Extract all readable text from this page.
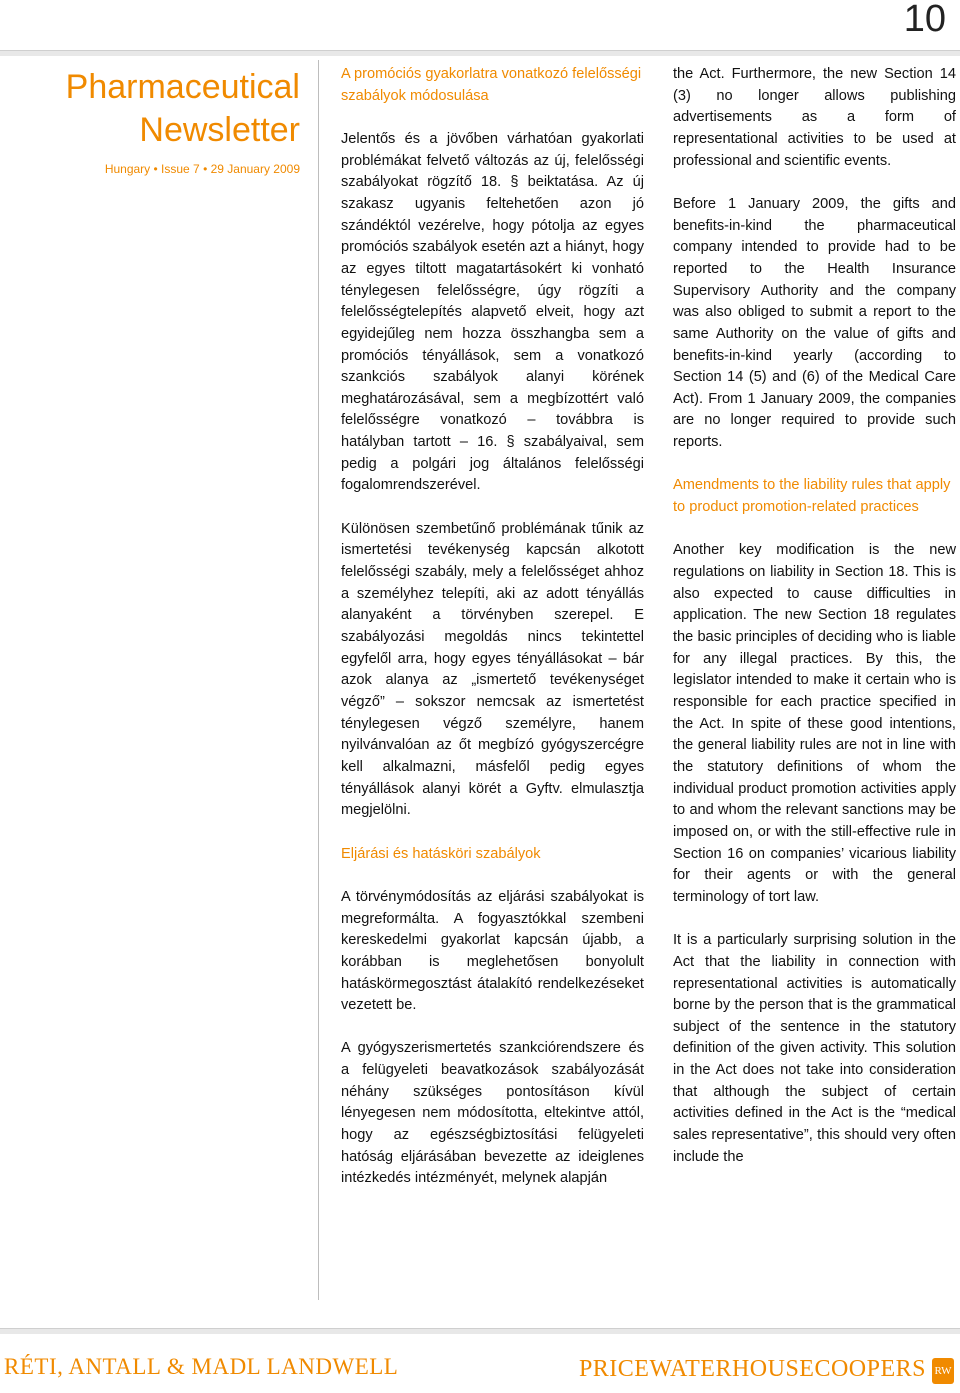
10
Pharmaceutical
Newsletter
Hungary • Issue 7 • 29 January 2009

A promóciós gyakorlatra vonatkozó felelősségi szabályok módosulása

Jelentős és a jövőben várhatóan gyakorlati problémákat felvető változás az új, felelősségi szabályokat rögzítő 18. § beiktatása. Az új szakasz ugyanis feltehetően azon jó szándéktól vezérelve, hogy pótolja az egyes promóciós szabályok esetén azt a hiányt, hogy az egyes tiltott magatartásokért ki vonható ténylegesen felelősségre, úgy rögzíti a felelősségtelepítés alapvető elveit, hogy azt egyidejűleg nem hozza összhangba sem a promóciós tényállások, sem a vonatkozó szankciós szabályok alanyi körének meghatározásával, sem a megbízottért való felelősségre vonatkozó – továbbra is hatályban tartott – 16. § szabályaival, sem pedig a polgári jog általános felelősségi fogalomrendszerével.

Különösen szembetűnő problémának tűnik az ismertetési tevékenység kapcsán alkotott felelősségi szabály, mely a felelősséget ahhoz a személyhez telepíti, aki az adott tényállás alanyaként a törvényben szerepel. E szabályozási megoldás nincs tekintettel egyfelől arra, hogy egyes tényállásokat – bár azok alanya az „ismertető tevékenységet végző” – sokszor nemcsak az ismertetést ténylegesen végző személyre, hanem nyilvánvalóan az őt megbízó gyógyszercégre kell alkalmazni, másfelől pedig egyes tényállások alanyi körét a Gyftv. elmulasztja megjelölni.

Eljárási és hatásköri szabályok

A törvénymódosítás az eljárási szabályokat is megreformálta. A fogyasztókkal szembeni kereskedelmi gyakorlat kapcsán újabb, a korábban is meglehetősen bonyolult hatáskörmegosztást átalakító rendelkezéseket vezetett be.

A gyógyszerismertetés szankciórendszere és a felügyeleti beavatkozások szabályozását néhány szükséges pontosításon kívül lényegesen nem módosította, eltekintve attól, hogy az egészségbiztosítási felügyeleti hatóság eljárásában bevezette az ideiglenes intézkedés intézményét, melynek alapján

the Act. Furthermore, the new Section 14 (3) no longer allows publishing advertisements as a form of representational activities to be used at professional and scientific events.

Before 1 January 2009, the gifts and benefits-in-kind the pharmaceutical company intended to provide had to be reported to the Health Insurance Supervisory Authority and the company was also obliged to submit a report to the same Authority on the value of gifts and benefits-in-kind yearly (according to Section 14 (5) and (6) of the Medical Care Act). From 1 January 2009, the companies are no longer required to provide such reports.

Amendments to the liability rules that apply to product promotion-related practices

Another key modification is the new regulations on liability in Section 18. This is also expected to cause difficulties in application. The new Section 18 regulates the basic principles of deciding who is liable for any illegal practices. By this, the legislator intended to make it certain who is responsible for each practice specified in the Act. In spite of these good intentions, the general liability rules are not in line with the statutory definitions of whom the individual product promotion activities apply to and whom the relevant sanctions may be imposed on, or with the still-effective rule in Section 16 on companies’ vicarious liability for their agents or with the general terminology of tort law.

It is a particularly surprising solution in the Act that the liability in connection with representational activities is automatically borne by the person that is the grammatical subject of the sentence in the statutory definition of the given activity. This solution in the Act does not take into consideration that although the subject of certain activities defined in the Act is the “medical sales representative”, this should very often include the

RÉTI, ANTALL & MADL LANDWELL	PRICEWATERHOUSECOOPERS RW
